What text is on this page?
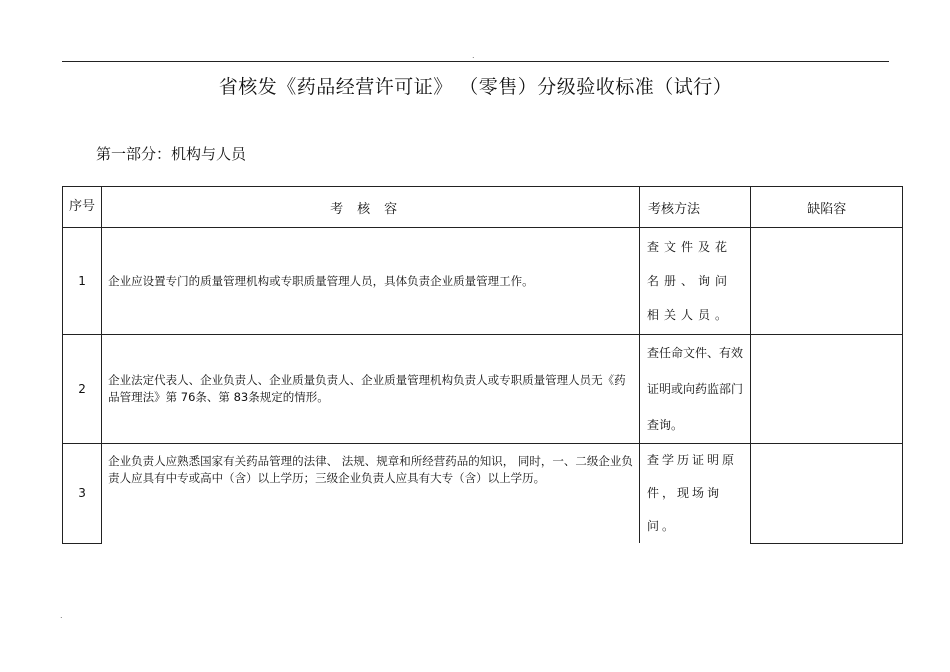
.
省核发《药品经营许可证》 （零售）分级验收标准（试行）
第一部分：机构与人员
序号	考核容	考核方法	缺陷容
1	企业应设置专门的质量管理机构或专职质量管理人员，具体负责企业质量管理工作。	查文件及花名册、询问相关人员。	
2	企业法定代表人、企业负责人、企业质量负责人、企业质量管理机构负责人或专职质量管理人员无《药品管理法》第 76条、第 83条规定的情形。	查任命文件、有效证明或向药监部门查询。	
3	企业负责人应熟悉国家有关药品管理的法律、 法规、规章和所经营药品的知识， 同时，一、二级企业负责人应具有中专或高中（含）以上学历；三级企业负责人应具有大专（含）以上学历。	查学历证明原件，现场询问。	
.
